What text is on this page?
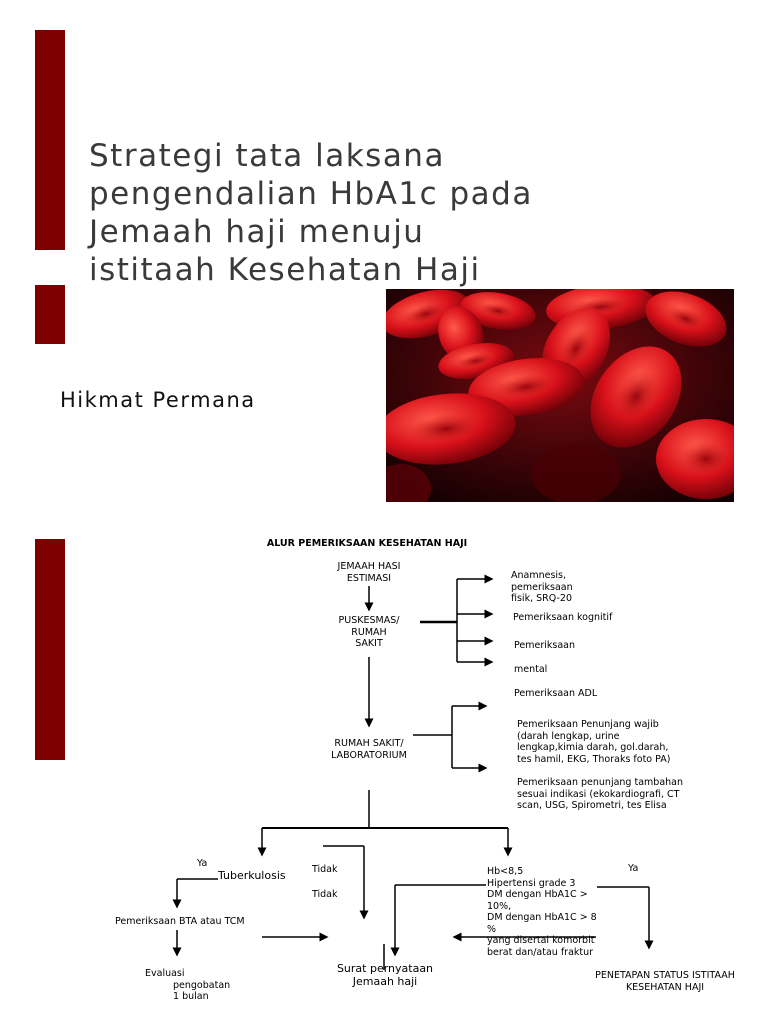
Strategi tata laksana
pengendalian HbA1c pada
Jemaah haji menuju
istitaah Kesehatan Haji
Hikmat Permana
ALUR PEMERIKSAAN KESEHATAN HAJI
JEMAAH HASI
ESTIMASI
PUSKESMAS/
RUMAH
SAKIT
RUMAH SAKIT/
LABORATORIUM
Anamnesis,
pemeriksaan
fisik, SRQ-20
Pemeriksaan kognitif
Pemeriksaan
mental
Pemeriksaan ADL
Pemeriksaan Penunjang wajib
(darah lengkap, urine
lengkap,kimia darah, gol.darah,
tes hamil, EKG, Thoraks foto PA)
Pemeriksaan penunjang tambahan
sesuai indikasi (ekokardiografi, CT
scan, USG, Spirometri, tes Elisa
Ya
Tuberkulosis	Tidak
Tidak
Hb<8,5
Hipertensi grade 3
DM dengan HbA1C > 10%,
DM dengan HbA1C > 8 %
yang disertai komorbit
berat dan/atau fraktur
Ya
Pemeriksaan BTA atau TCM
Evaluasi
pengobatan
1 bulan
Surat pernyataan
Jemaah haji	PENETAPAN STATUS ISTITAAH
KESEHATAN HAJI
